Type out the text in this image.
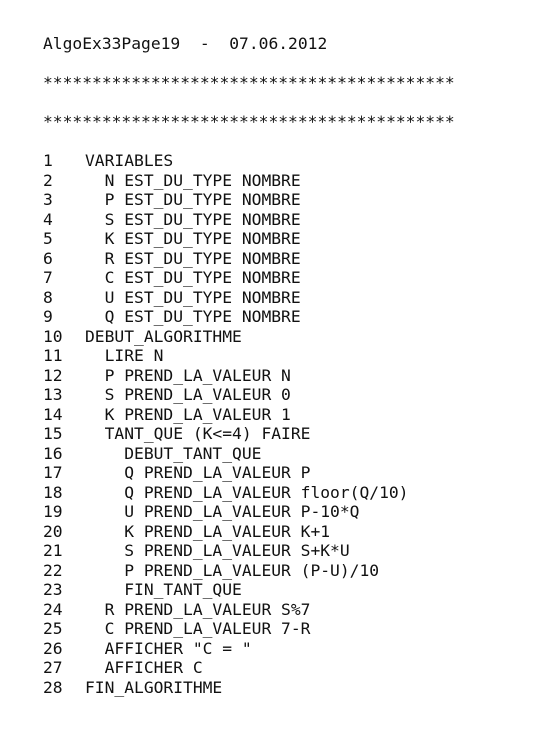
AlgoEx33Page19  -  07.06.2012
******************************************
******************************************
1	VARIABLES
2	N EST_DU_TYPE NOMBRE
3	P EST_DU_TYPE NOMBRE
4	S EST_DU_TYPE NOMBRE
5	K EST_DU_TYPE NOMBRE
6	R EST_DU_TYPE NOMBRE
7	C EST_DU_TYPE NOMBRE
8	U EST_DU_TYPE NOMBRE
9	Q EST_DU_TYPE NOMBRE
10	DEBUT_ALGORITHME
11	LIRE N
12	P PREND_LA_VALEUR N
13	S PREND_LA_VALEUR 0
14	K PREND_LA_VALEUR 1
15	TANT_QUE (K<=4) FAIRE
16	DEBUT_TANT_QUE
17	Q PREND_LA_VALEUR P
18	Q PREND_LA_VALEUR floor(Q/10)
19	U PREND_LA_VALEUR P-10*Q
20	K PREND_LA_VALEUR K+1
21	S PREND_LA_VALEUR S+K*U
22	P PREND_LA_VALEUR (P-U)/10
23	FIN_TANT_QUE
24	R PREND_LA_VALEUR S%7
25	C PREND_LA_VALEUR 7-R
26	AFFICHER "C = "
27	AFFICHER C
28	FIN_ALGORITHME
